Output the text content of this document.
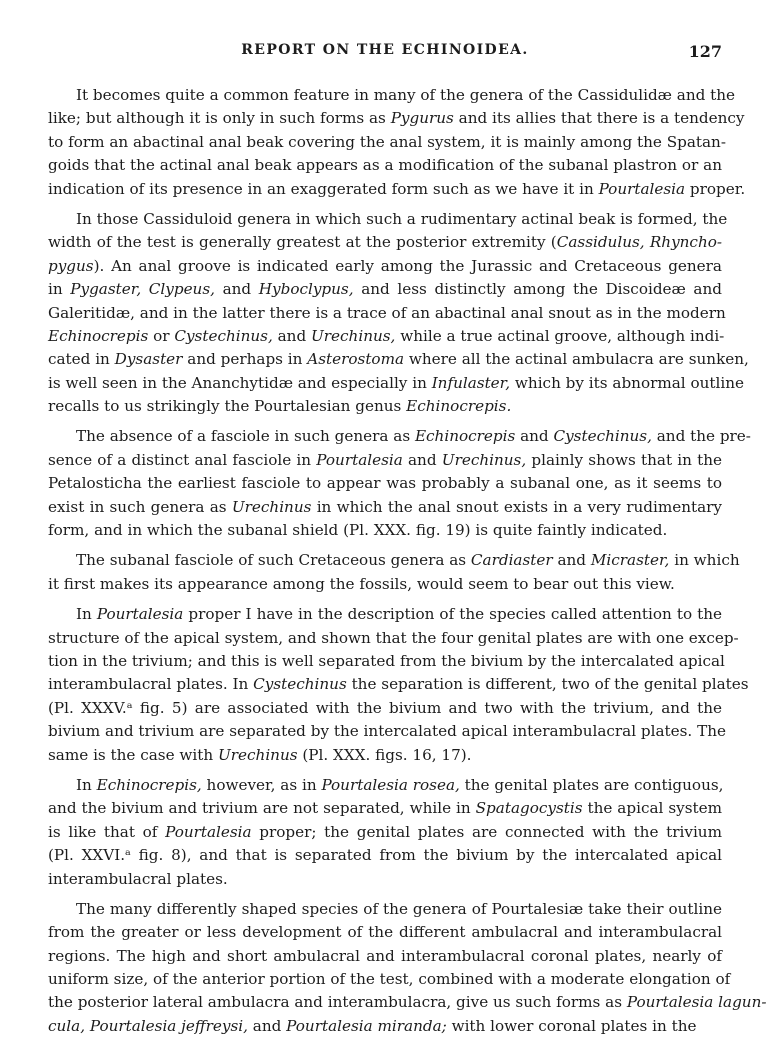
REPORT ON THE ECHINOIDEA.	127
It becomes quite a common feature in many of the genera of the Cassidulidæ and the
like; but although it is only in such forms as Pygurus and its allies that there is a tendency
to form an abactinal anal beak covering the anal system, it is mainly among the Spatan-
goids that the actinal anal beak appears as a modification of the subanal plastron or an
indication of its presence in an exaggerated form such as we have it in Pourtalesia proper.
In those Cassiduloid genera in which such a rudimentary actinal beak is formed, the
width of the test is generally greatest at the posterior extremity (Cassidulus, Rhyncho-
pygus). An anal groove is indicated early among the Jurassic and Cretaceous genera
in Pygaster, Clypeus, and Hyboclypus, and less distinctly among the Discoideæ and
Galeritidæ, and in the latter there is a trace of an abactinal anal snout as in the modern
Echinocrepis or Cystechinus, and Urechinus, while a true actinal groove, although indi-
cated in Dysaster and perhaps in Asterostoma where all the actinal ambulacra are sunken,
is well seen in the Ananchytidæ and especially in Infulaster, which by its abnormal outline
recalls to us strikingly the Pourtalesian genus Echinocrepis.
The absence of a fasciole in such genera as Echinocrepis and Cystechinus, and the pre-
sence of a distinct anal fasciole in Pourtalesia and Urechinus, plainly shows that in the
Petalosticha the earliest fasciole to appear was probably a subanal one, as it seems to
exist in such genera as Urechinus in which the anal snout exists in a very rudimentary
form, and in which the subanal shield (Pl. XXX. fig. 19) is quite faintly indicated.
The subanal fasciole of such Cretaceous genera as Cardiaster and Micraster, in which
it first makes its appearance among the fossils, would seem to bear out this view.
In Pourtalesia proper I have in the description of the species called attention to the
structure of the apical system, and shown that the four genital plates are with one excep-
tion in the trivium; and this is well separated from the bivium by the intercalated apical
interambulacral plates. In Cystechinus the separation is different, two of the genital plates
(Pl. XXXV.ᵃ fig. 5) are associated with the bivium and two with the trivium, and the
bivium and trivium are separated by the intercalated apical interambulacral plates. The
same is the case with Urechinus (Pl. XXX. figs. 16, 17).
In Echinocrepis, however, as in Pourtalesia rosea, the genital plates are contiguous,
and the bivium and trivium are not separated, while in Spatagocystis the apical system
is like that of Pourtalesia proper; the genital plates are connected with the trivium
(Pl. XXVI.ᵃ fig. 8), and that is separated from the bivium by the intercalated apical
interambulacral plates.
The many differently shaped species of the genera of Pourtalesiæ take their outline
from the greater or less development of the different ambulacral and interambulacral
regions. The high and short ambulacral and interambulacral coronal plates, nearly of
uniform size, of the anterior portion of the test, combined with a moderate elongation of
the posterior lateral ambulacra and interambulacra, give us such forms as Pourtalesia lagun-
cula, Pourtalesia jeffreysi, and Pourtalesia miranda; with lower coronal plates in the
